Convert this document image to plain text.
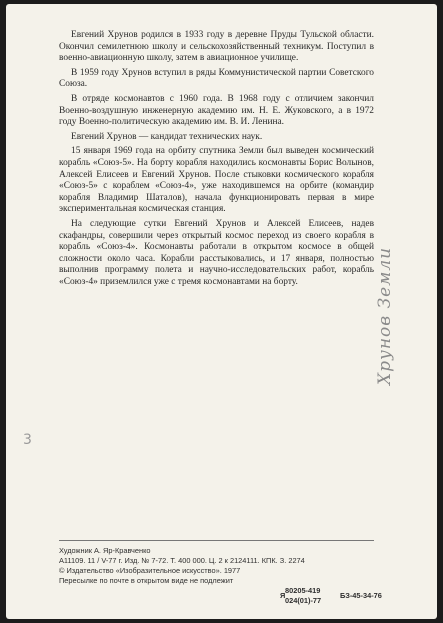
Евгений Хрунов родился в 1933 году в деревне Пруды Тульской области. Окончил семилетнюю школу и сельскохозяйственный техникум. Поступил в военно-авиационную школу, затем в авиационное училище.

В 1959 году Хрунов вступил в ряды Коммунистической партии Советского Союза.

В отряде космонавтов с 1960 года. В 1968 году с отличием закончил Военно-воздушную инженерную академию им. Н. Е. Жуковского, а в 1972 году Военно-политическую академию им. В. И. Ленина.

Евгений Хрунов — кандидат технических наук.

15 января 1969 года на орбиту спутника Земли был выведен космический корабль «Союз-5». На борту корабля находились космонавты Борис Волынов, Алексей Елисеев и Евгений Хрунов. После стыковки космического корабля «Союз-5» с кораблем «Союз-4», уже находившемся на орбите (командир корабля Владимир Шаталов), начала функционировать первая в мире экспериментальная космическая станция.

На следующие сутки Евгений Хрунов и Алексей Елисеев, надев скафандры, совершили через открытый космос переход из своего корабля в корабль «Союз-4». Космонавты работали в открытом космосе в общей сложности около часа. Корабли расстыковались, и 17 января, полностью выполнив программу полета и научно-исследовательских работ, корабль «Союз-4» приземлился уже с тремя космонавтами на борту.	Хрунов Земли
3
Художник А. Яр-Кравченко
А11109. 11 / V-77 г. Изд. № 7-72. Т. 400 000. Ц. 2 к 2124111. КПК. З. 2274
© Издательство «Изобразительное искусство». 1977
Пересылке по почте в открытом виде не подлежит
Я
80205-419
024(01)-77
БЗ-45-34-76
